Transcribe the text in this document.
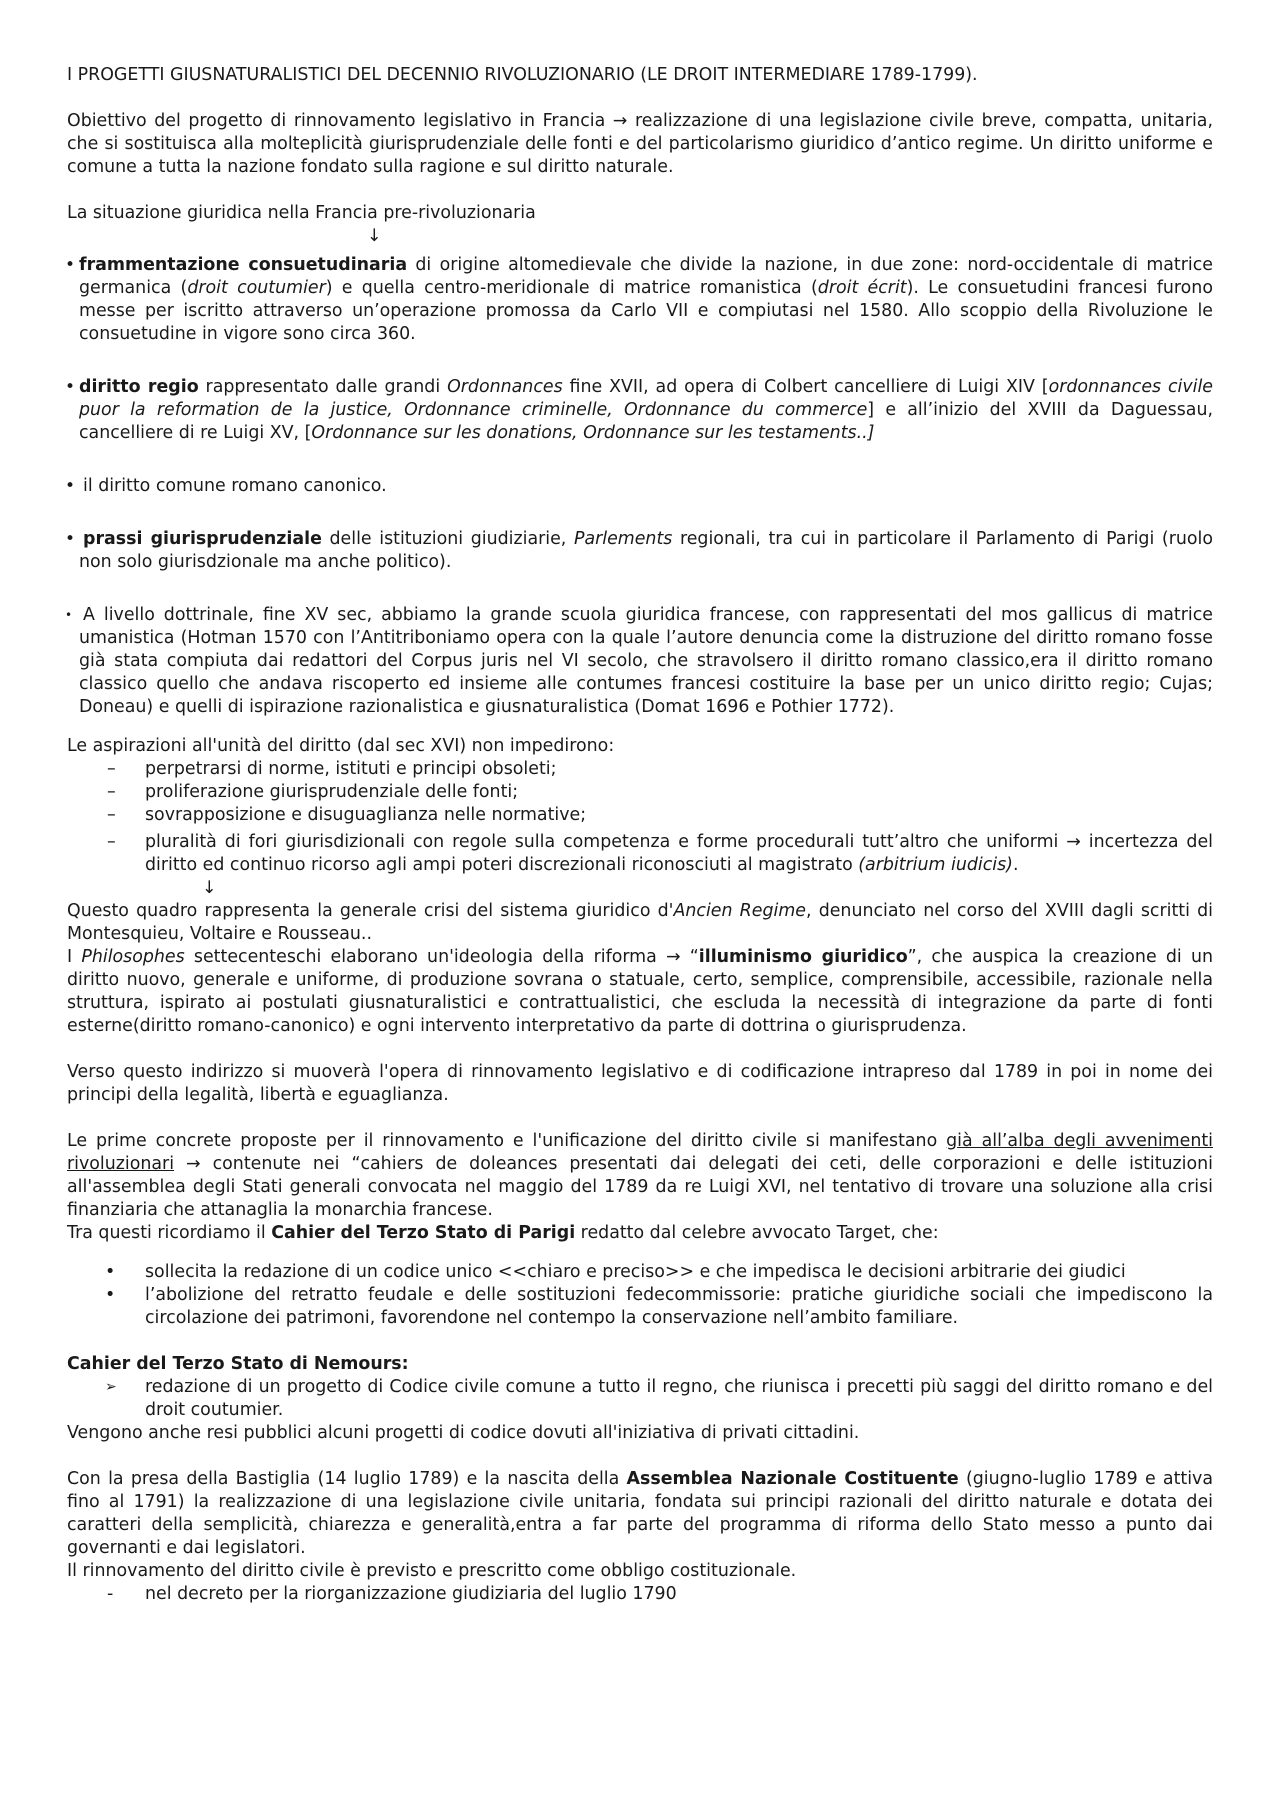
I PROGETTI GIUSNATURALISTICI DEL DECENNIO RIVOLUZIONARIO (LE DROIT INTERMEDIARE 1789-1799).

Obiettivo del progetto di rinnovamento legislativo in Francia → realizzazione di una legislazione civile breve, compatta, unitaria, che si sostituisca alla molteplicità giurisprudenziale delle fonti e del particolarismo giuridico d’antico regime. Un diritto uniforme e comune a tutta la nazione fondato sulla ragione e sul diritto naturale.

La situazione giuridica nella Francia pre-rivoluzionaria

↓

• frammentazione consuetudinaria di origine altomedievale che divide la nazione, in due zone: nord-occidentale di matrice germanica (droit coutumier) e quella centro-meridionale di matrice romanistica (droit écrit). Le consuetudini francesi furono messe per iscritto attraverso un’operazione promossa da Carlo VII e compiutasi nel 1580. Allo scoppio della Rivoluzione le consuetudine in vigore sono circa 360.
• diritto regio rappresentato dalle grandi Ordonnances fine XVII, ad opera di Colbert cancelliere di Luigi XIV [ordonnances civile puor la reformation de la justice, Ordonnance criminelle, Ordonnance du commerce] e all’inizio del XVIII da Daguessau, cancelliere di re Luigi XV, [Ordonnance sur les donations, Ordonnance sur les testaments..]
• il diritto comune romano canonico.
• prassi giurisprudenziale delle istituzioni giudiziarie, Parlements regionali, tra cui in particolare il Parlamento di Parigi (ruolo non solo giurisdzionale ma anche politico).
• A livello dottrinale, fine XV sec, abbiamo la grande scuola giuridica francese, con rappresentati del mos gallicus di matrice umanistica (Hotman 1570 con l’Antitriboniamo opera con la quale l’autore denuncia come la distruzione del diritto romano fosse già stata compiuta dai redattori del Corpus juris nel VI secolo, che stravolsero il diritto romano classico,era il diritto romano classico quello che andava riscoperto ed insieme alle contumes francesi costituire la base per un unico diritto regio; Cujas; Doneau) e quelli di ispirazione razionalistica e giusnaturalistica (Domat 1696 e Pothier 1772).

Le aspirazioni all'unità del diritto (dal sec XVI) non impedirono:

– perpetrarsi di norme, istituti e principi obsoleti;
– proliferazione giurisprudenziale delle fonti;
– sovrapposizione e disuguaglianza nelle normative;
– pluralità di fori giurisdizionali con regole sulla competenza e forme procedurali tutt’altro che uniformi → incertezza del diritto ed continuo ricorso agli ampi poteri discrezionali riconosciuti al magistrato (arbitrium iudicis).

↓

Questo quadro rappresenta la generale crisi del sistema giuridico d'Ancien Regime, denunciato nel corso del XVIII dagli scritti di Montesquieu, Voltaire e Rousseau..

I Philosophes settecenteschi elaborano un'ideologia della riforma → “illuminismo giuridico”, che auspica la creazione di un diritto nuovo, generale e uniforme, di produzione sovrana o statuale, certo, semplice, comprensibile, accessibile, razionale nella struttura, ispirato ai postulati giusnaturalistici e contrattualistici, che escluda la necessità di integrazione da parte di fonti esterne(diritto romano-canonico) e ogni intervento interpretativo da parte di dottrina o giurisprudenza.

Verso questo indirizzo si muoverà l'opera di rinnovamento legislativo e di codificazione intrapreso dal 1789 in poi in nome dei principi della legalità, libertà e eguaglianza.

Le prime concrete proposte per il rinnovamento e l'unificazione del diritto civile si manifestano già all’alba degli avvenimenti rivoluzionari → contenute nei “cahiers de doleances presentati dai delegati dei ceti, delle corporazioni e delle istituzioni all'assemblea degli Stati generali convocata nel maggio del 1789 da re Luigi XVI, nel tentativo di trovare una soluzione alla crisi finanziaria che attanaglia la monarchia francese.

Tra questi ricordiamo il Cahier del Terzo Stato di Parigi redatto dal celebre avvocato Target, che:

• sollecita la redazione di un codice unico <<chiaro e preciso>> e che impedisca le decisioni arbitrarie dei giudici
• l’abolizione del retratto feudale e delle sostituzioni fedecommissorie: pratiche giuridiche sociali che impediscono la circolazione dei patrimoni, favorendone nel contempo la conservazione nell’ambito familiare.

Cahier del Terzo Stato di Nemours:

➢ redazione di un progetto di Codice civile comune a tutto il regno, che riunisca i precetti più saggi del diritto romano e del droit coutumier.

Vengono anche resi pubblici alcuni progetti di codice dovuti all'iniziativa di privati cittadini.

Con la presa della Bastiglia (14 luglio 1789) e la nascita della Assemblea Nazionale Costituente (giugno-luglio 1789 e attiva fino al 1791) la realizzazione di una legislazione civile unitaria, fondata sui principi razionali del diritto naturale e dotata dei caratteri della semplicità, chiarezza e generalità,entra a far parte del programma di riforma dello Stato messo a punto dai governanti e dai legislatori.

Il rinnovamento del diritto civile è previsto e prescritto come obbligo costituzionale.

- nel decreto per la riorganizzazione giudiziaria del luglio 1790
